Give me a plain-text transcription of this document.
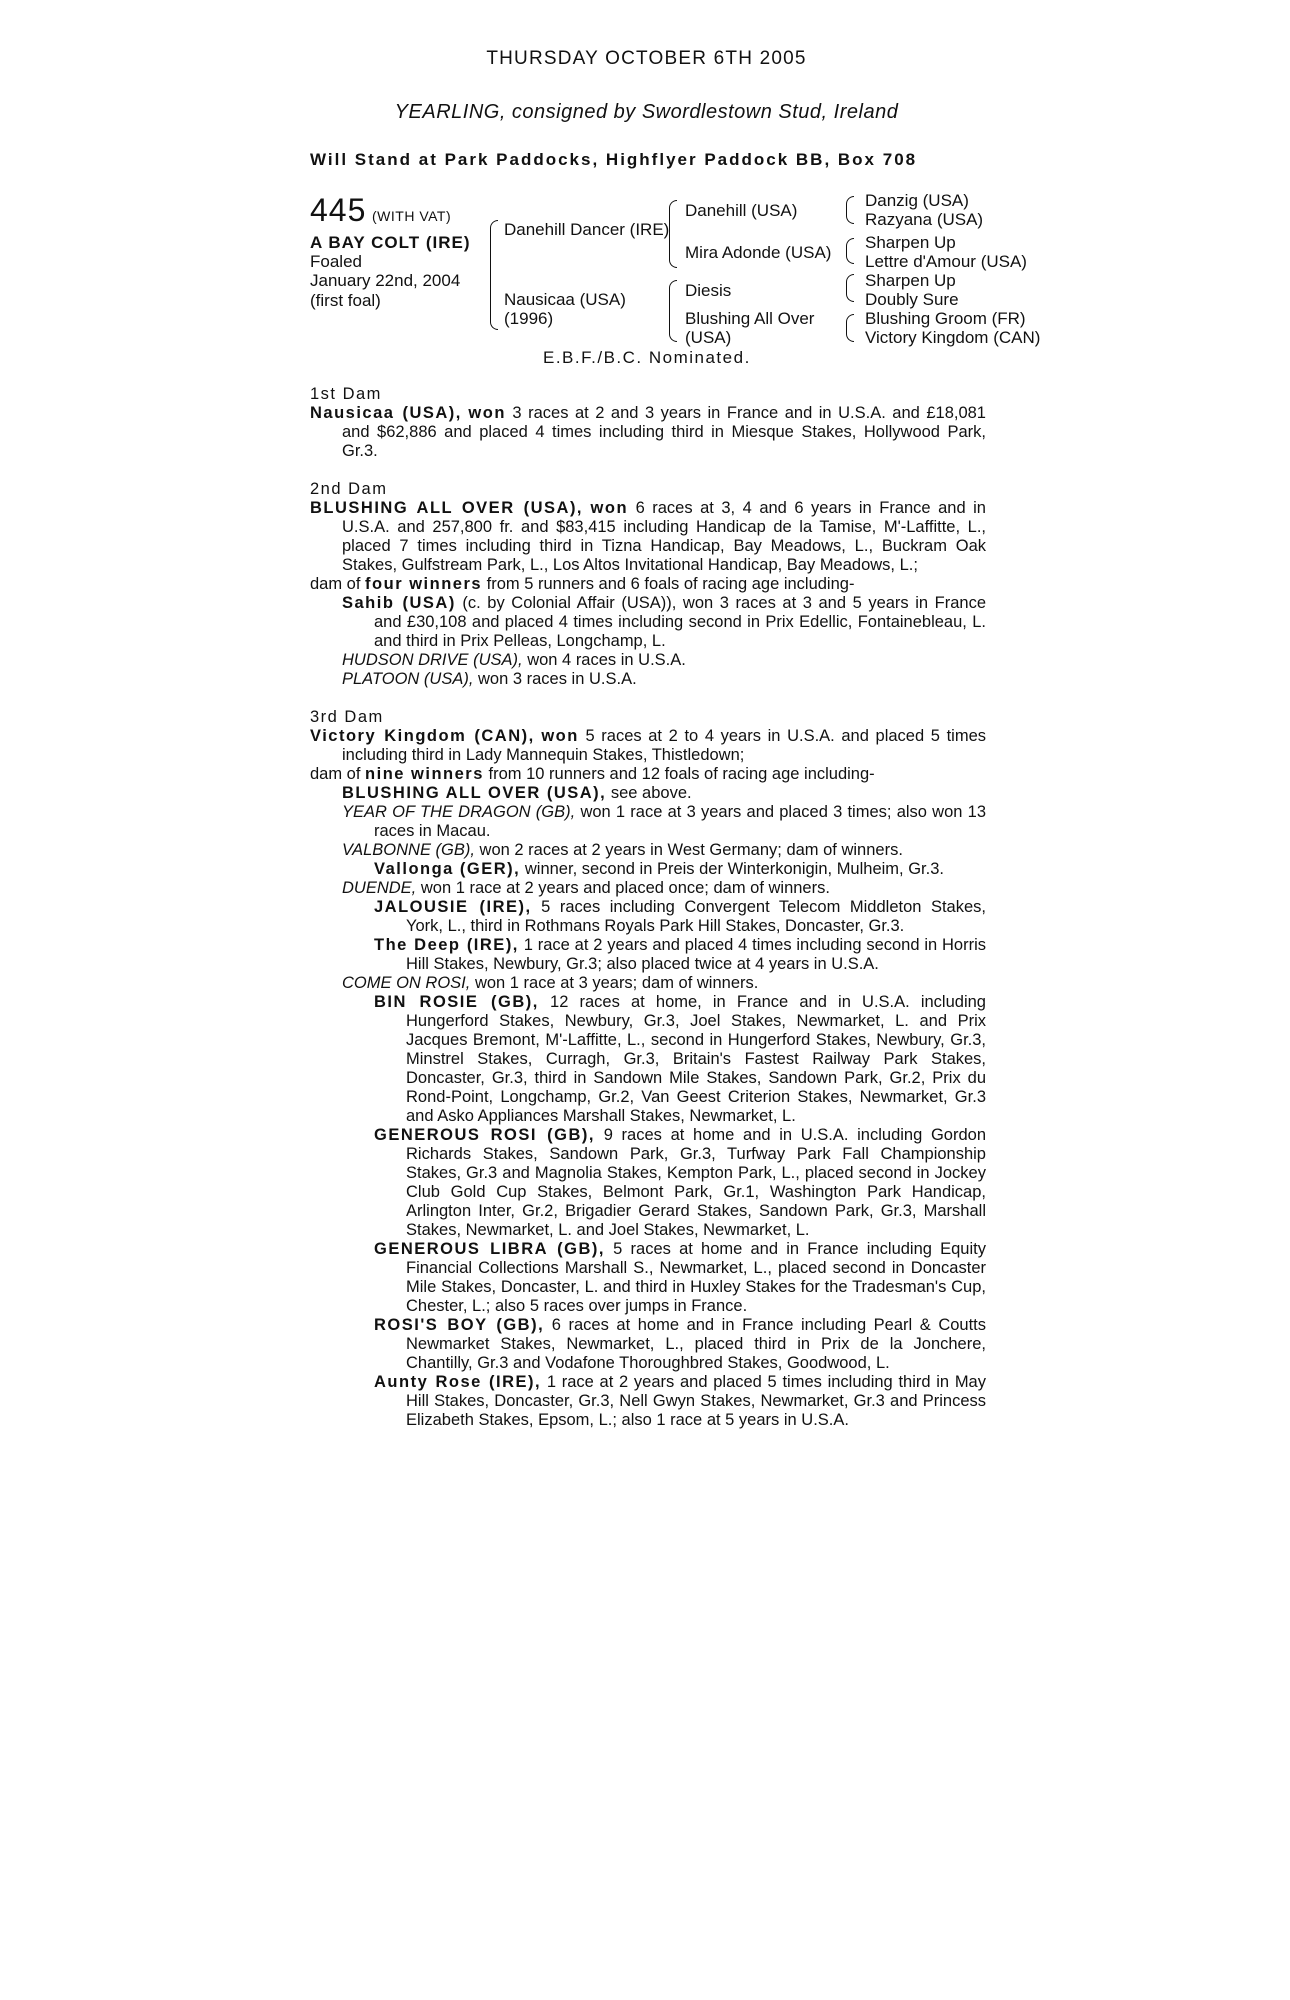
THURSDAY OCTOBER 6TH 2005
YEARLING, consigned by Swordlestown Stud, Ireland
Will Stand at Park Paddocks, Highflyer Paddock BB, Box 708
445 (WITH VAT)
A BAY COLT (IRE)
Foaled
January 22nd, 2004
(first foal)
Danehill Dancer (IRE)
Nausicaa (USA)
(1996)
Danehill (USA)
Mira Adonde (USA)
Diesis
Blushing All Over
(USA)
Danzig (USA)
Razyana (USA)
Sharpen Up
Lettre d'Amour (USA)
Sharpen Up
Doubly Sure
Blushing Groom (FR)
Victory Kingdom (CAN)
E.B.F./B.C. Nominated.

1st Dam

Nausicaa (USA), won 3 races at 2 and 3 years in France and in U.S.A. and £18,081 and $62,886 and placed 4 times including third in Miesque Stakes, Hollywood Park, Gr.3.

2nd Dam

BLUSHING ALL OVER (USA), won 6 races at 3, 4 and 6 years in France and in U.S.A. and 257,800 fr. and $83,415 including Handicap de la Tamise, M'-Laffitte, L., placed 7 times including third in Tizna Handicap, Bay Meadows, L., Buckram Oak Stakes, Gulfstream Park, L., Los Altos Invitational Handicap, Bay Meadows, L.;

dam of four winners from 5 runners and 6 foals of racing age including-

Sahib (USA) (c. by Colonial Affair (USA)), won 3 races at 3 and 5 years in France and £30,108 and placed 4 times including second in Prix Edellic, Fontainebleau, L. and third in Prix Pelleas, Longchamp, L.

HUDSON DRIVE (USA), won 4 races in U.S.A.

PLATOON (USA), won 3 races in U.S.A.

3rd Dam

Victory Kingdom (CAN), won 5 races at 2 to 4 years in U.S.A. and placed 5 times including third in Lady Mannequin Stakes, Thistledown;

dam of nine winners from 10 runners and 12 foals of racing age including-

BLUSHING ALL OVER (USA), see above.

YEAR OF THE DRAGON (GB), won 1 race at 3 years and placed 3 times; also won 13 races in Macau.

VALBONNE (GB), won 2 races at 2 years in West Germany; dam of winners.

Vallonga (GER), winner, second in Preis der Winterkonigin, Mulheim, Gr.3.

DUENDE, won 1 race at 2 years and placed once; dam of winners.

JALOUSIE (IRE), 5 races including Convergent Telecom Middleton Stakes, York, L., third in Rothmans Royals Park Hill Stakes, Doncaster, Gr.3.

The Deep (IRE), 1 race at 2 years and placed 4 times including second in Horris Hill Stakes, Newbury, Gr.3; also placed twice at 4 years in U.S.A.

COME ON ROSI, won 1 race at 3 years; dam of winners.

BIN ROSIE (GB), 12 races at home, in France and in U.S.A. including Hungerford Stakes, Newbury, Gr.3, Joel Stakes, Newmarket, L. and Prix Jacques Bremont, M'-Laffitte, L., second in Hungerford Stakes, Newbury, Gr.3, Minstrel Stakes, Curragh, Gr.3, Britain's Fastest Railway Park Stakes, Doncaster, Gr.3, third in Sandown Mile Stakes, Sandown Park, Gr.2, Prix du Rond-Point, Longchamp, Gr.2, Van Geest Criterion Stakes, Newmarket, Gr.3 and Asko Appliances Marshall Stakes, Newmarket, L.

GENEROUS ROSI (GB), 9 races at home and in U.S.A. including Gordon Richards Stakes, Sandown Park, Gr.3, Turfway Park Fall Championship Stakes, Gr.3 and Magnolia Stakes, Kempton Park, L., placed second in Jockey Club Gold Cup Stakes, Belmont Park, Gr.1, Washington Park Handicap, Arlington Inter, Gr.2, Brigadier Gerard Stakes, Sandown Park, Gr.3, Marshall Stakes, Newmarket, L. and Joel Stakes, Newmarket, L.

GENEROUS LIBRA (GB), 5 races at home and in France including Equity Financial Collections Marshall S., Newmarket, L., placed second in Doncaster Mile Stakes, Doncaster, L. and third in Huxley Stakes for the Tradesman's Cup, Chester, L.; also 5 races over jumps in France.

ROSI'S BOY (GB), 6 races at home and in France including Pearl & Coutts Newmarket Stakes, Newmarket, L., placed third in Prix de la Jonchere, Chantilly, Gr.3 and Vodafone Thoroughbred Stakes, Goodwood, L.

Aunty Rose (IRE), 1 race at 2 years and placed 5 times including third in May Hill Stakes, Doncaster, Gr.3, Nell Gwyn Stakes, Newmarket, Gr.3 and Princess Elizabeth Stakes, Epsom, L.; also 1 race at 5 years in U.S.A.
